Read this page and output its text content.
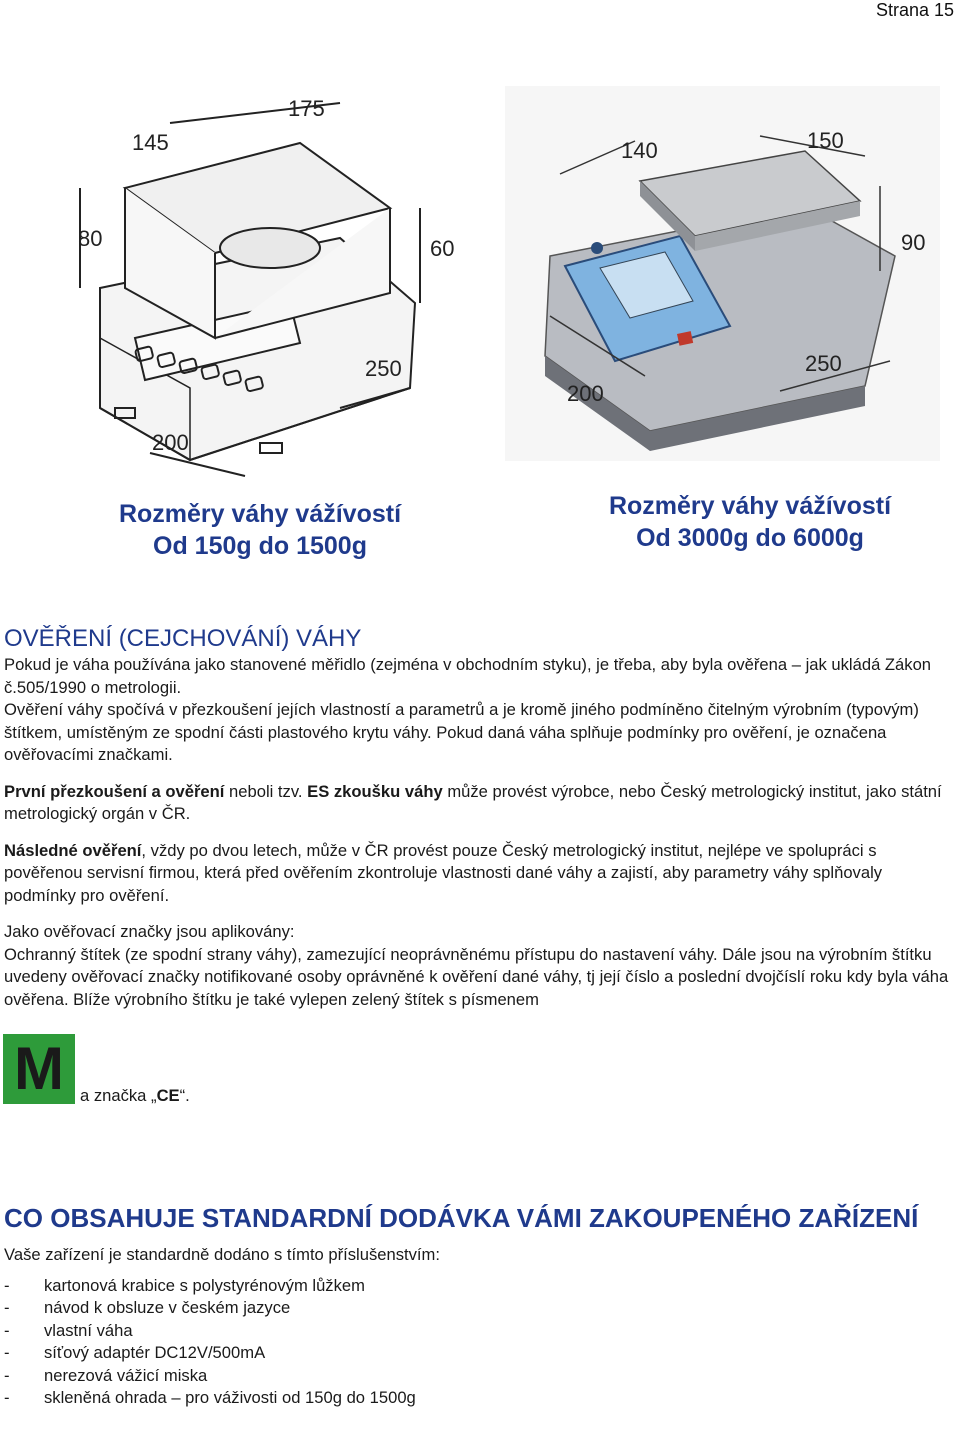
Strana 15
175
145
80	60
250
200
140	150
90
250
200
Rozměry váhy vážívostí
Od 150g do 1500g
Rozměry váhy vážívostí
Od 3000g do 6000g
OVĚŘENÍ (CEJCHOVÁNÍ) VÁHY

Pokud je váha používána jako stanovené měřidlo (zejména v obchodním styku), je třeba, aby byla ověřena – jak ukládá Zákon č.505/1990 o metrologii.

Ověření váhy spočívá v přezkoušení jejích vlastností a parametrů a je kromě jiného podmíněno čitelným výrobním (typovým) štítkem, umístěným ze spodní části plastového krytu váhy. Pokud daná váha splňuje podmínky pro ověření, je označena ověřovacími značkami.

První přezkoušení a ověření neboli tzv. ES zkoušku váhy může provést výrobce, nebo Český metrologický institut, jako státní metrologický orgán v ČR.

Následné ověření, vždy po dvou letech, může v ČR provést pouze Český metrologický institut, nejlépe ve spolupráci s pověřenou servisní firmou, která před ověřením zkontroluje vlastnosti dané váhy a zajistí, aby parametry váhy splňovaly podmínky pro ověření.

Jako ověřovací značky jsou aplikovány:

Ochranný štítek (ze spodní strany váhy), zamezující neoprávněnému přístupu do nastavení váhy. Dále jsou na výrobním štítku uvedeny ověřovací značky notifikované osoby oprávněné k ověření dané váhy, tj její číslo a poslední dvojčíslí roku kdy byla váha ověřena. Blíže výrobního štítku je také vylepen zelený štítek s písmenem

M a značka „CE“.
CO OBSAHUJE STANDARDNÍ DODÁVKA VÁMI ZAKOUPENÉHO ZAŘÍZENÍ

Vaše zařízení je standardně dodáno s tímto příslušenstvím:

- kartonová krabice s polystyrénovým lůžkem
- návod k obsluze v českém jazyce
- vlastní váha
- síťový adaptér DC12V/500mA
- nerezová vážicí miska
- skleněná ohrada – pro váživosti od 150g do 1500g
